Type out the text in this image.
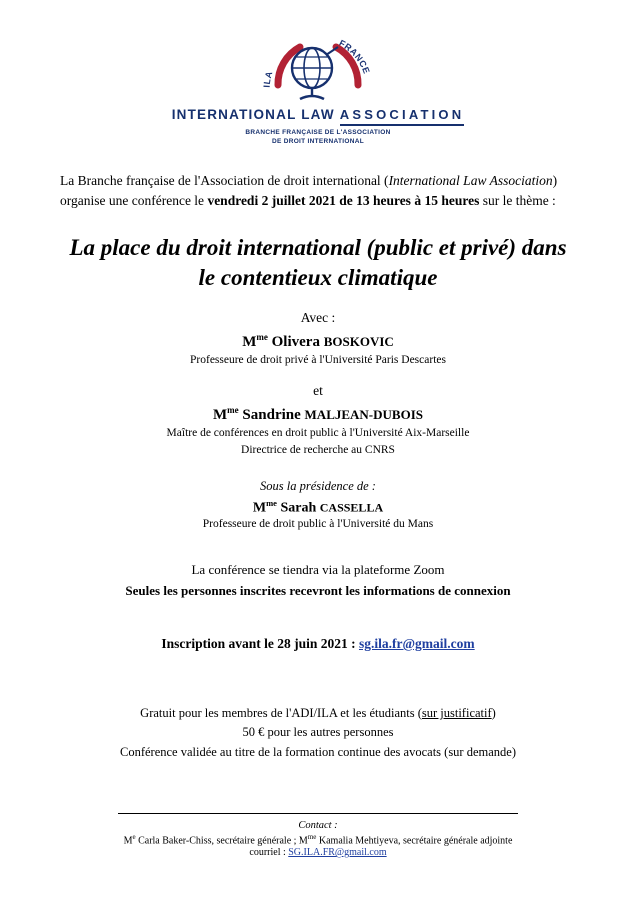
ILA
FRANCE
INTERNATIONAL LAW ASSOCIATION
BRANCHE FRANÇAISE DE L'ASSOCIATION
DE DROIT INTERNATIONAL

La Branche française de l'Association de droit international (International Law Association) organise une conférence le vendredi 2 juillet 2021 de 13 heures à 15 heures sur le thème :

La place du droit international (public et privé) dans le contentieux climatique
Avec :
$M^{me}$ Olivera BOSKOVIC
Professeure de droit privé à l'Université Paris Descartes
et
$M^{me}$ Sandrine MALJEAN-DUBOIS
Maître de conférences en droit public à l'Université Aix-Marseille
Directrice de recherche au CNRS
Sous la présidence de :
$M^{me}$ Sarah CASSELLA
Professeure de droit public à l'Université du Mans
La conférence se tiendra via la plateforme Zoom
Seules les personnes inscrites recevront les informations de connexion
Inscription avant le 28 juin 2021 : sg.ila.fr@gmail.com
Gratuit pour les membres de l'ADI/ILA et les étudiants (sur justificatif)
50 € pour les autres personnes
Conférence validée au titre de la formation continue des avocats (sur demande)
Contact :
Me Carla Baker-Chiss, secrétaire générale ; $M^{me}$ Kamalia Mehtiyeva, secrétaire générale adjointe
courriel : SG.ILA.FR@gmail.com
